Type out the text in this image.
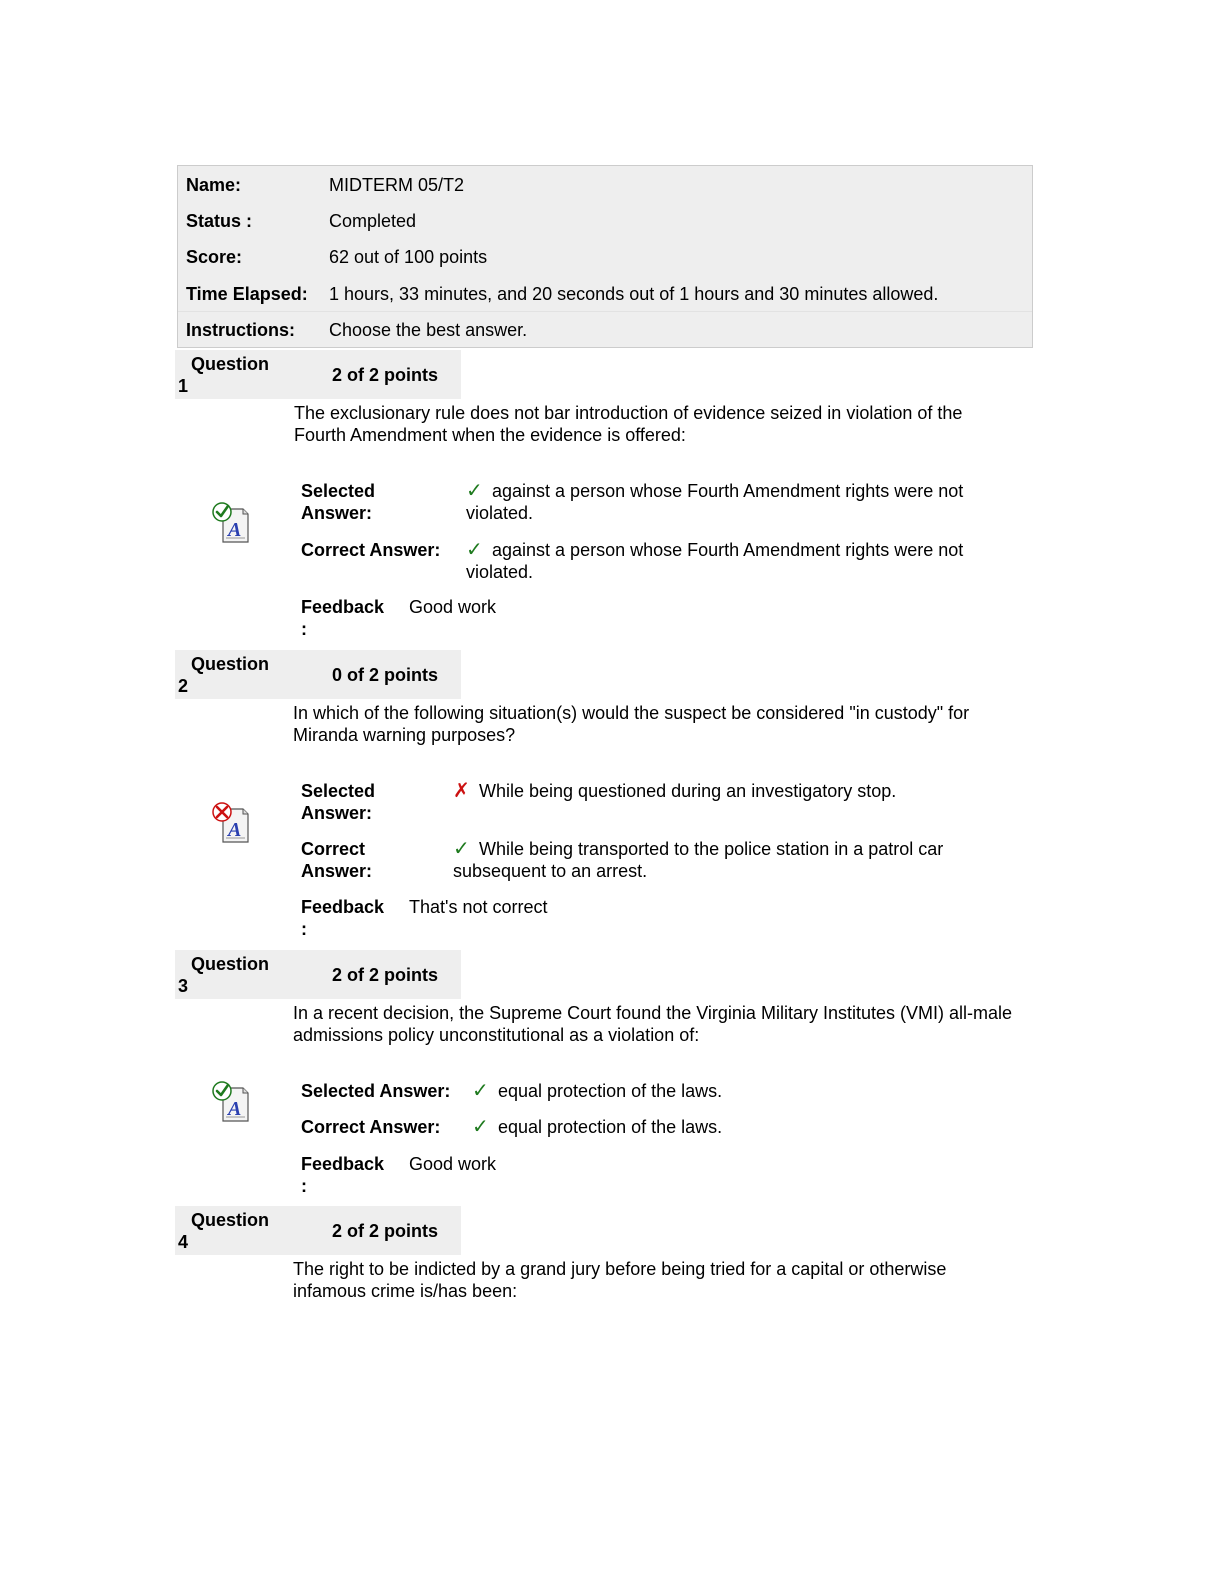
Name:	MIDTERM 05/T2
Status :	Completed
Score:	62 out of 100 points
Time Elapsed: 1 hours, 33 minutes, and 20 seconds out of 1 hours and 30 minutes allowed.
Instructions: Choose the best answer.
Question
1
2 of 2 points
The exclusionary rule does not bar introduction of evidence seized in violation of the Fourth Amendment when the evidence is offered:
Selected
Answer:
✓ against a person whose Fourth Amendment rights were not violated.
Correct Answer: ✓ against a person whose Fourth Amendment rights were not violated.
Feedback
:
Good work
Question
2
0 of 2 points
In which of the following situation(s) would the suspect be considered "in custody" for Miranda warning purposes?
Selected
Answer:
✗ While being questioned during an investigatory stop.
Correct
Answer:
✓ While being transported to the police station in a patrol car subsequent to an arrest.
Feedback
:
That's not correct
Question
3
2 of 2 points
In a recent decision, the Supreme Court found the Virginia Military Institutes (VMI) all-male admissions policy unconstitutional as a violation of:
Selected Answer: ✓ equal protection of the laws.
Correct Answer: ✓ equal protection of the laws.
Feedback
:
Good work
Question
4
2 of 2 points
The right to be indicted by a grand jury before being tried for a capital or otherwise infamous crime is/has been:
